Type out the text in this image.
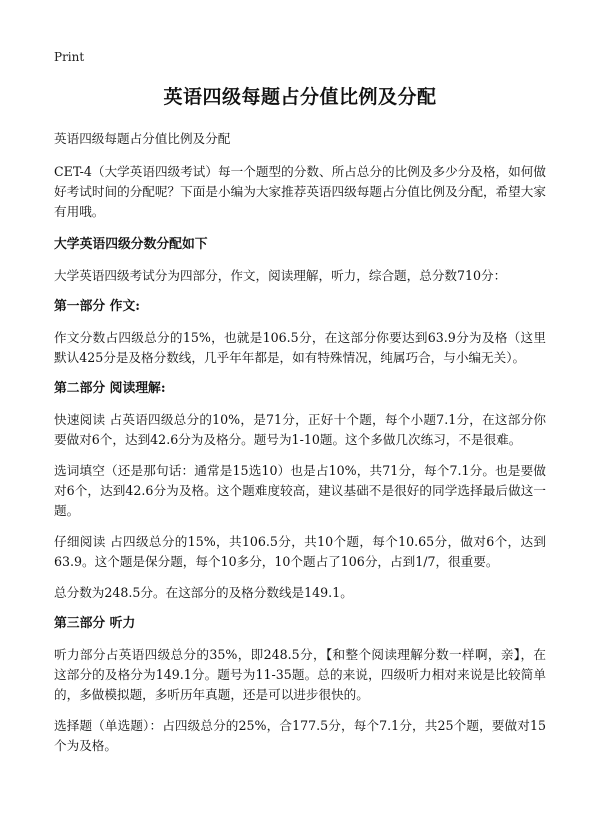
Print
英语四级每题占分值比例及分配

英语四级每题占分值比例及分配

CET-4（大学英语四级考试）每一个题型的分数、所占总分的比例及多少分及格，如何做好考试时间的分配呢？下面是小编为大家推荐英语四级每题占分值比例及分配，希望大家有用哦。

大学英语四级分数分配如下

大学英语四级考试分为四部分，作文，阅读理解，听力，综合题，总分数710分：

第一部分 作文:

作文分数占四级总分的15%，也就是106.5分，在这部分你要达到63.9分为及格（这里默认425分是及格分数线，几乎年年都是，如有特殊情况，纯属巧合，与小编无关）。

第二部分 阅读理解:

快速阅读 占英语四级总分的10%，是71分，正好十个题，每个小题7.1分，在这部分你要做对6个，达到42.6分为及格分。题号为1-10题。这个多做几次练习，不是很难。

选词填空（还是那句话：通常是15选10）也是占10%，共71分，每个7.1分。也是要做对6个，达到42.6分为及格。这个题难度较高，建议基础不是很好的同学选择最后做这一题。

仔细阅读 占四级总分的15%，共106.5分，共10个题，每个10.65分，做对6个，达到63.9。这个题是保分题，每个10多分，10个题占了106分，占到1/7，很重要。

总分数为248.5分。在这部分的及格分数线是149.1。

第三部分 听力

听力部分占英语四级总分的35%，即248.5分，【和整个阅读理解分数一样啊，亲】，在这部分的及格分为149.1分。题号为11-35题。总的来说，四级听力相对来说是比较简单的，多做模拟题，多听历年真题，还是可以进步很快的。

选择题（单选题）：占四级总分的25%，合177.5分，每个7.1分，共25个题，要做对15个为及格。
